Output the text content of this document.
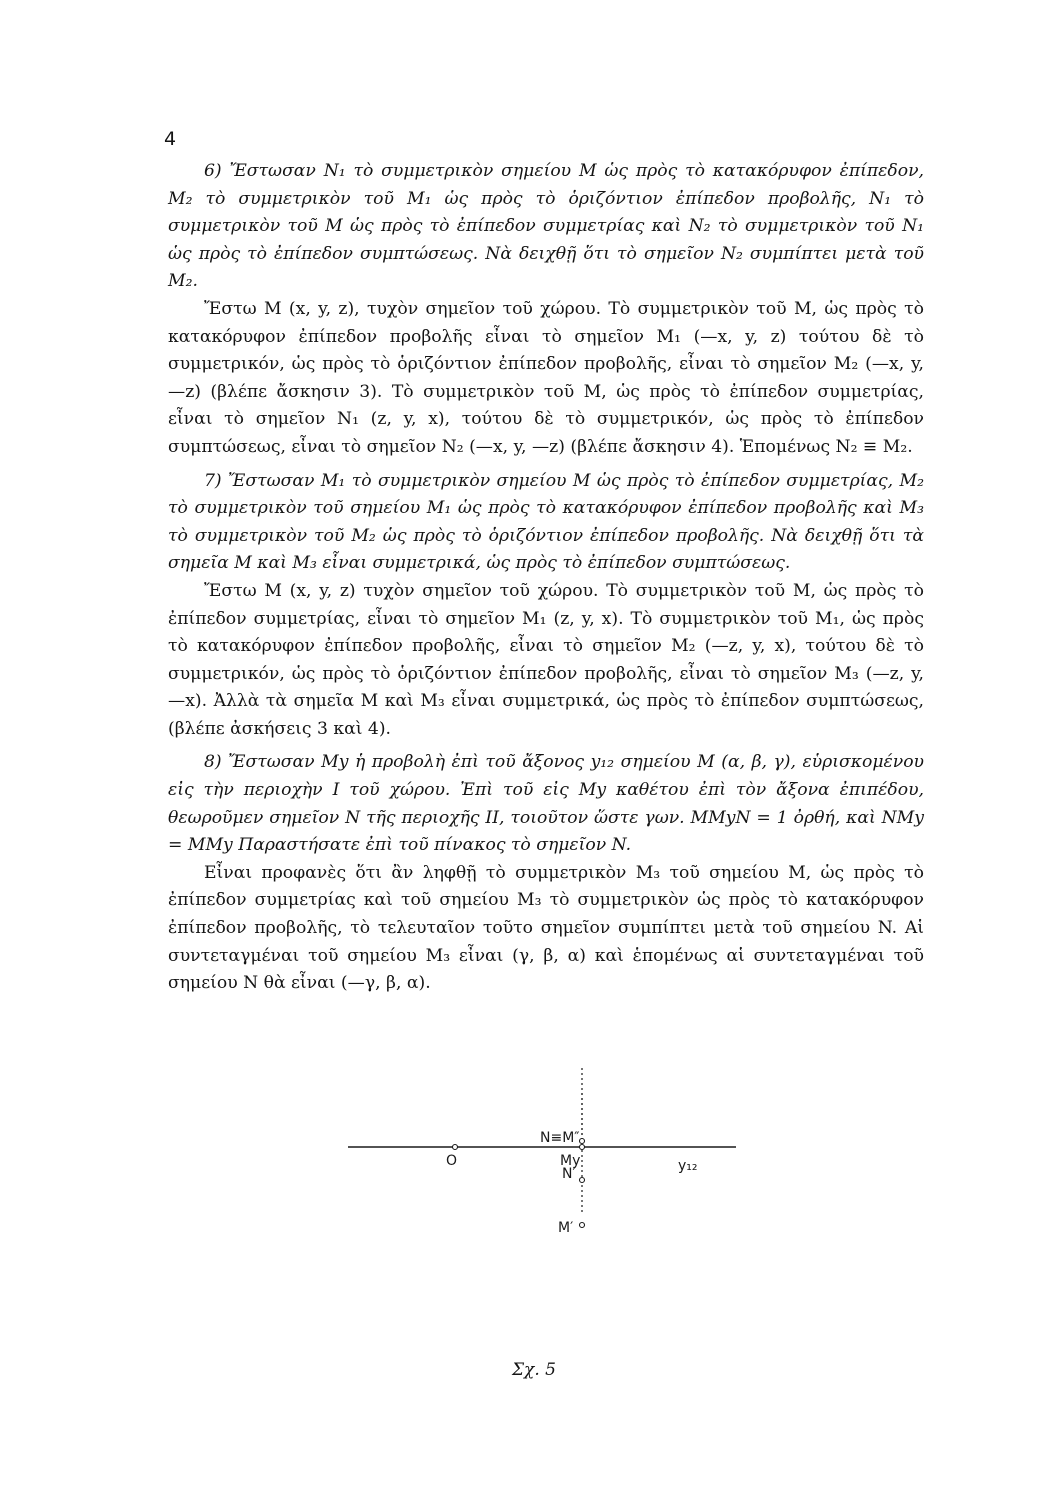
4

6) Ἔστωσαν N₁ τὸ συμμετρικὸν σημείου M ὡς πρὸς τὸ κατακόρυφον ἐπίπεδον, M₂ τὸ συμμετρικὸν τοῦ M₁ ὡς πρὸς τὸ ὁριζόντιον ἐπίπεδον προβολῆς, N₁ τὸ συμμετρικὸν τοῦ M ὡς πρὸς τὸ ἐπίπεδον συμμετρίας καὶ N₂ τὸ συμμετρικὸν τοῦ N₁ ὡς πρὸς τὸ ἐπίπεδον συμπτώσεως. Νὰ δειχθῇ ὅτι τὸ σημεῖον N₂ συμπίπτει μετὰ τοῦ M₂.

Ἔστω M (x, y, z), τυχὸν σημεῖον τοῦ χώρου. Τὸ συμμετρικὸν τοῦ M, ὡς πρὸς τὸ κατακόρυφον ἐπίπεδον προβολῆς εἶναι τὸ σημεῖον M₁ (—x, y, z) τούτου δὲ τὸ συμμετρικόν, ὡς πρὸς τὸ ὁριζόντιον ἐπίπεδον προβολῆς, εἶναι τὸ σημεῖον M₂ (—x, y, —z) (βλέπε ἄσκησιν 3). Τὸ συμμετρικὸν τοῦ M, ὡς πρὸς τὸ ἐπίπεδον συμμετρίας, εἶναι τὸ σημεῖον N₁ (z, y, x), τούτου δὲ τὸ συμμετρικόν, ὡς πρὸς τὸ ἐπίπεδον συμπτώσεως, εἶναι τὸ σημεῖον N₂ (—x, y, —z) (βλέπε ἄσκησιν 4). Ἑπομένως N₂ ≡ M₂.

7) Ἔστωσαν M₁ τὸ συμμετρικὸν σημείου M ὡς πρὸς τὸ ἐπίπεδον συμμετρίας, M₂ τὸ συμμετρικὸν τοῦ σημείου M₁ ὡς πρὸς τὸ κατακόρυφον ἐπίπεδον προβολῆς καὶ M₃ τὸ συμμετρικὸν τοῦ M₂ ὡς πρὸς τὸ ὁριζόντιον ἐπίπεδον προβολῆς. Νὰ δειχθῇ ὅτι τὰ σημεῖα M καὶ M₃ εἶναι συμμετρικά, ὡς πρὸς τὸ ἐπίπεδον συμπτώσεως.

Ἔστω M (x, y, z) τυχὸν σημεῖον τοῦ χώρου. Τὸ συμμετρικὸν τοῦ M, ὡς πρὸς τὸ ἐπίπεδον συμμετρίας, εἶναι τὸ σημεῖον M₁ (z, y, x). Τὸ συμμετρικὸν τοῦ M₁, ὡς πρὸς τὸ κατακόρυφον ἐπίπεδον προβολῆς, εἶναι τὸ σημεῖον M₂ (—z, y, x), τούτου δὲ τὸ συμμετρικόν, ὡς πρὸς τὸ ὁριζόντιον ἐπίπεδον προβολῆς, εἶναι τὸ σημεῖον M₃ (—z, y, —x). Ἀλλὰ τὰ σημεῖα M καὶ M₃ εἶναι συμμετρικά, ὡς πρὸς τὸ ἐπίπεδον συμπτώσεως, (βλέπε ἀσκήσεις 3 καὶ 4).

8) Ἔστωσαν My ἡ προβολὴ ἐπὶ τοῦ ἄξονος y₁₂ σημείου M (α, β, γ), εὑρισκομένου εἰς τὴν περιοχὴν I τοῦ χώρου. Ἐπὶ τοῦ εἰς My καθέτου ἐπὶ τὸν ἄξονα ἐπιπέδου, θεωροῦμεν σημεῖον N τῆς περιοχῆς II, τοιοῦτον ὥστε γων. MMyN = 1 ὀρθή, καὶ NMy = MMy Παραστήσατε ἐπὶ τοῦ πίνακος τὸ σημεῖον N.

Εἶναι προφανὲς ὅτι ἂν ληφθῇ τὸ συμμετρικὸν M₃ τοῦ σημείου M, ὡς πρὸς τὸ ἐπίπεδον συμμετρίας καὶ τοῦ σημείου M₃ τὸ συμμετρικὸν ὡς πρὸς τὸ κατακόρυφον ἐπίπεδον προβολῆς, τὸ τελευταῖον τοῦτο σημεῖον συμπίπτει μετὰ τοῦ σημείου N. Αἱ συντεταγμέναι τοῦ σημείου M₃ εἶναι (γ, β, α) καὶ ἑπομένως αἱ συντεταγμέναι τοῦ σημείου N θὰ εἶναι (—γ, β, α).

N≡M″
N′
O	My	y₁₂
M′
Σχ. 5
